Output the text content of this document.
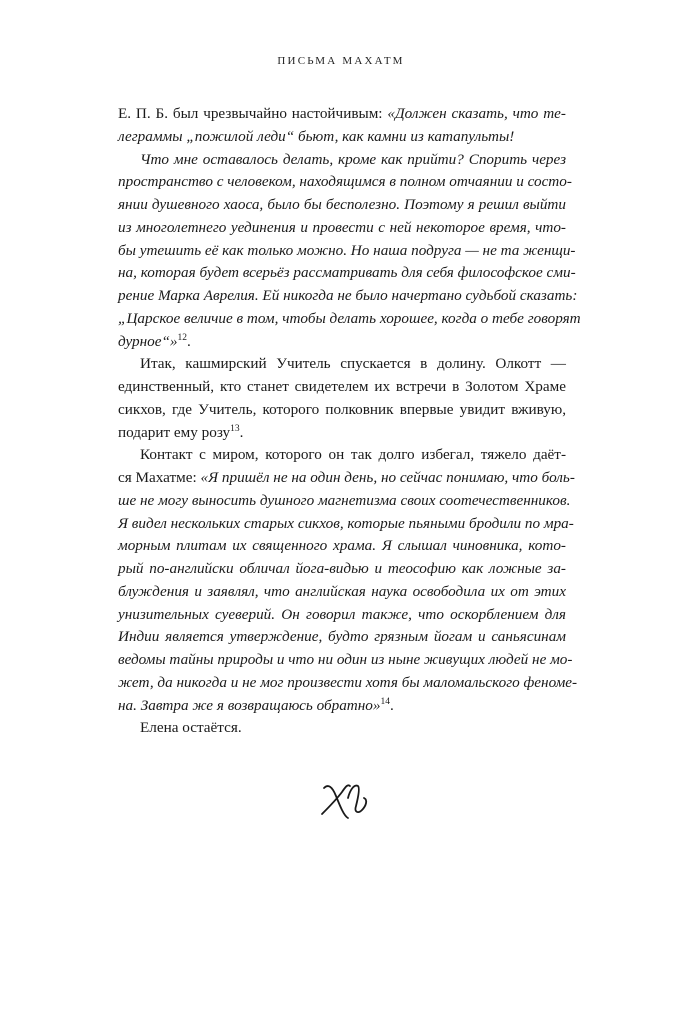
ПИСЬМА МАХАТМ
Е. П. Б. был чрезвычайно настойчивым: «Должен сказать, что те-
леграммы „пожилой леди“ бьют, как камни из катапульты!
Что мне оставалось делать, кроме как прийти? Спорить через
пространство с человеком, находящимся в полном отчаянии и состо-
янии душевного хаоса, было бы бесполезно. Поэтому я решил выйти
из многолетнего уединения и провести с ней некоторое время, что-
бы утешить её как только можно. Но наша подруга — не та женщи-
на, которая будет всерьёз рассматривать для себя философское сми-
рение Марка Аврелия. Ей никогда не было начертано судьбой сказать:
„Царское величие в том, чтобы делать хорошее, когда о тебе говорят
дурное“»$^{12}$.
Итак, кашмирский Учитель спускается в долину. Олкотт —
единственный, кто станет свидетелем их встречи в Золотом Храме
сикхов, где Учитель, которого полковник впервые увидит вживую,
подарит ему розу$^{13}$.
Контакт с миром, которого он так долго избегал, тяжело даёт-
ся Махатме: «Я пришёл не на один день, но сейчас понимаю, что боль-
ше не могу выносить душного магнетизма своих соотечественников.
Я видел нескольких старых сикхов, которые пьяными бродили по мра-
морным плитам их священного храма. Я слышал чиновника, кото-
рый по-английски обличал йога-видью и теософию как ложные за-
блуждения и заявлял, что английская наука освободила их от этих
унизительных суеверий. Он говорил также, что оскорблением для
Индии является утверждение, будто грязным йогам и саньясинам
ведомы тайны природы и что ни один из ныне живущих людей не мо-
жет, да никогда и не мог произвести хотя бы маломальского феноме-
на. Завтра же я возвращаюсь обратно»$^{14}$.
Елена остаётся.
